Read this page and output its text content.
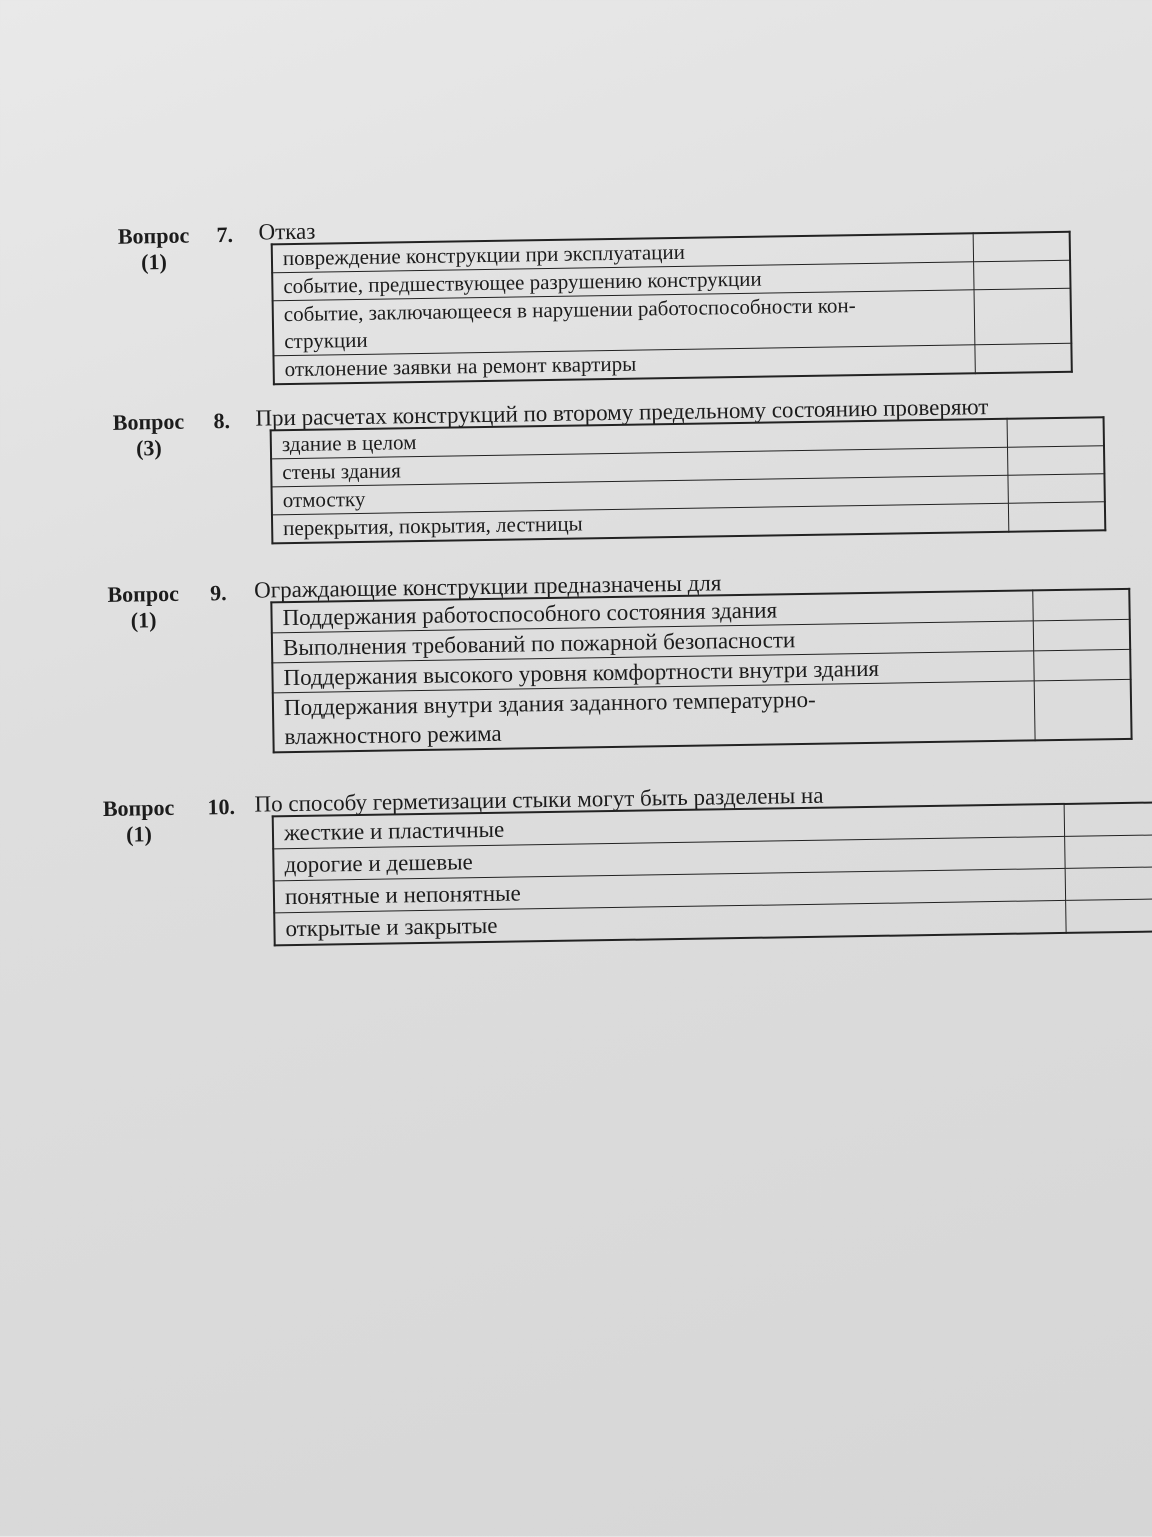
Вопрос
(1)
7. Отказ
повреждение конструкции при эксплуатации	
событие, предшествующее разрушению конструкции	
событие, заключающееся в нарушении работоспособности кон-
струкции	
отклонение заявки на ремонт квартиры	
Вопрос
(3)
8. При расчетах конструкций по второму предельному состоянию проверяют
здание в целом	
стены здания	
отмостку	
перекрытия, покрытия, лестницы	
Вопрос
(1)
9. Ограждающие конструкции предназначены для
Поддержания работоспособного состояния здания	
Выполнения требований по пожарной безопасности	
Поддержания высокого уровня комфортности внутри здания	
Поддержания внутри здания заданного температурно-
влажностного режима	
Вопрос
(1)
10. По способу герметизации стыки могут быть разделены на
жесткие и пластичные	
дорогие и дешевые	
понятные и непонятные	
открытые и закрытые	
